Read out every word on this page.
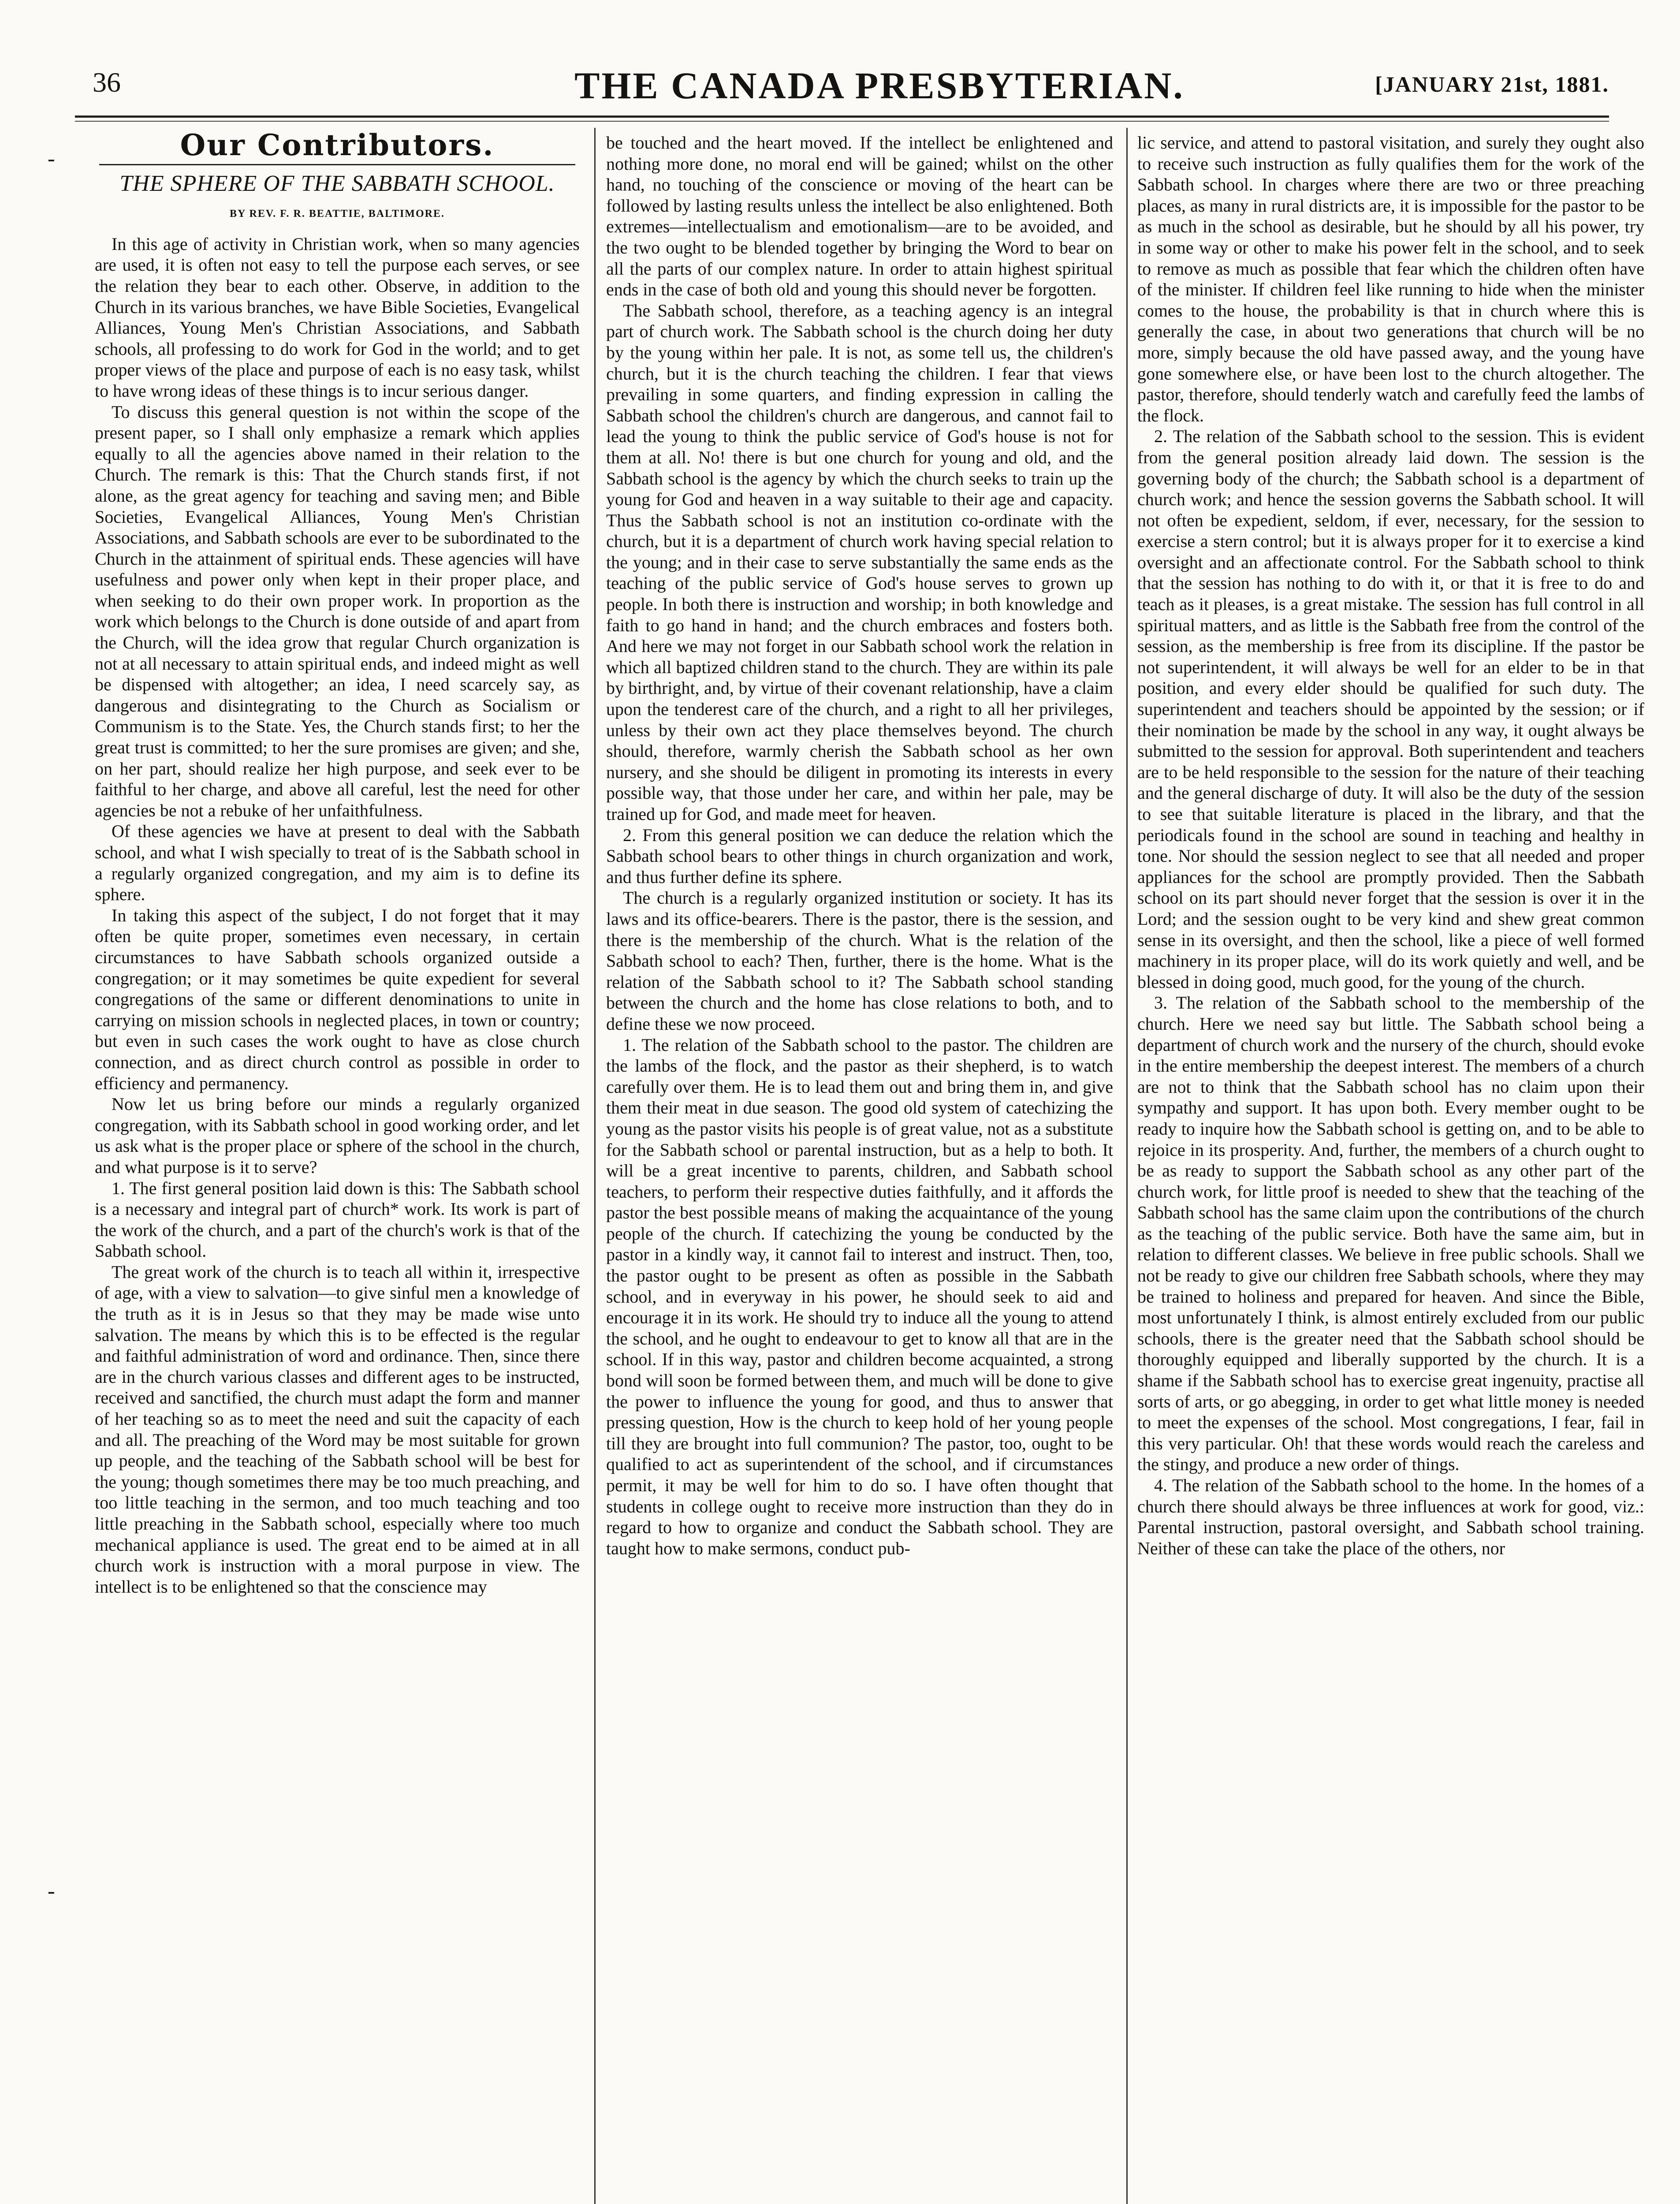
36	THE CANADA PRESBYTERIAN.	[JANUARY 21st, 1881.
-
-
Our Contributors.
THE SPHERE OF THE SABBATH SCHOOL.
BY REV. F. R. BEATTIE, BALTIMORE.

In this age of activity in Christian work, when so many agencies are used, it is often not easy to tell the purpose each serves, or see the relation they bear to each other. Observe, in addition to the Church in its various branches, we have Bible Societies, Evangelical Alliances, Young Men's Christian Associations, and Sabbath schools, all professing to do work for God in the world; and to get proper views of the place and purpose of each is no easy task, whilst to have wrong ideas of these things is to incur serious danger.

To discuss this general question is not within the scope of the present paper, so I shall only emphasize a remark which applies equally to all the agencies above named in their relation to the Church. The remark is this: That the Church stands first, if not alone, as the great agency for teaching and saving men; and Bible Societies, Evangelical Alliances, Young Men's Christian Associations, and Sabbath schools are ever to be subordinated to the Church in the attainment of spiritual ends. These agencies will have usefulness and power only when kept in their proper place, and when seeking to do their own proper work. In proportion as the work which belongs to the Church is done outside of and apart from the Church, will the idea grow that regular Church organization is not at all necessary to attain spiritual ends, and indeed might as well be dispensed with altogether; an idea, I need scarcely say, as dangerous and disintegrating to the Church as Socialism or Communism is to the State. Yes, the Church stands first; to her the great trust is committed; to her the sure promises are given; and she, on her part, should realize her high purpose, and seek ever to be faithful to her charge, and above all careful, lest the need for other agencies be not a rebuke of her unfaithfulness.

Of these agencies we have at present to deal with the Sabbath school, and what I wish specially to treat of is the Sabbath school in a regularly organized congregation, and my aim is to define its sphere.

In taking this aspect of the subject, I do not forget that it may often be quite proper, sometimes even necessary, in certain circumstances to have Sabbath schools organized outside a congregation; or it may sometimes be quite expedient for several congregations of the same or different denominations to unite in carrying on mission schools in neglected places, in town or country; but even in such cases the work ought to have as close church connection, and as direct church control as possible in order to efficiency and permanency.

Now let us bring before our minds a regularly organized congregation, with its Sabbath school in good working order, and let us ask what is the proper place or sphere of the school in the church, and what purpose is it to serve?

1. The first general position laid down is this: The Sabbath school is a necessary and integral part of church* work. Its work is part of the work of the church, and a part of the church's work is that of the Sabbath school.

The great work of the church is to teach all within it, irrespective of age, with a view to salvation—to give sinful men a knowledge of the truth as it is in Jesus so that they may be made wise unto salvation. The means by which this is to be effected is the regular and faithful administration of word and ordinance. Then, since there are in the church various classes and different ages to be instructed, received and sanctified, the church must adapt the form and manner of her teaching so as to meet the need and suit the capacity of each and all. The preaching of the Word may be most suitable for grown up people, and the teaching of the Sabbath school will be best for the young; though sometimes there may be too much preaching, and too little teaching in the sermon, and too much teaching and too little preaching in the Sabbath school, especially where too much mechanical appliance is used. The great end to be aimed at in all church work is instruction with a moral purpose in view. The intellect is to be enlightened so that the conscience may

be touched and the heart moved. If the intellect be enlightened and nothing more done, no moral end will be gained; whilst on the other hand, no touching of the conscience or moving of the heart can be followed by lasting results unless the intellect be also enlightened. Both extremes—intellectualism and emotionalism—are to be avoided, and the two ought to be blended together by bringing the Word to bear on all the parts of our complex nature. In order to attain highest spiritual ends in the case of both old and young this should never be forgotten.

The Sabbath school, therefore, as a teaching agency is an integral part of church work. The Sabbath school is the church doing her duty by the young within her pale. It is not, as some tell us, the children's church, but it is the church teaching the children. I fear that views prevailing in some quarters, and finding expression in calling the Sabbath school the children's church are dangerous, and cannot fail to lead the young to think the public service of God's house is not for them at all. No! there is but one church for young and old, and the Sabbath school is the agency by which the church seeks to train up the young for God and heaven in a way suitable to their age and capacity. Thus the Sabbath school is not an institution co-ordinate with the church, but it is a department of church work having special relation to the young; and in their case to serve substantially the same ends as the teaching of the public service of God's house serves to grown up people. In both there is instruction and worship; in both knowledge and faith to go hand in hand; and the church embraces and fosters both. And here we may not forget in our Sabbath school work the relation in which all baptized children stand to the church. They are within its pale by birthright, and, by virtue of their covenant relationship, have a claim upon the tenderest care of the church, and a right to all her privileges, unless by their own act they place themselves beyond. The church should, therefore, warmly cherish the Sabbath school as her own nursery, and she should be diligent in promoting its interests in every possible way, that those under her care, and within her pale, may be trained up for God, and made meet for heaven.

2. From this general position we can deduce the relation which the Sabbath school bears to other things in church organization and work, and thus further define its sphere.

The church is a regularly organized institution or society. It has its laws and its office-bearers. There is the pastor, there is the session, and there is the membership of the church. What is the relation of the Sabbath school to each? Then, further, there is the home. What is the relation of the Sabbath school to it? The Sabbath school standing between the church and the home has close relations to both, and to define these we now proceed.

1. The relation of the Sabbath school to the pastor. The children are the lambs of the flock, and the pastor as their shepherd, is to watch carefully over them. He is to lead them out and bring them in, and give them their meat in due season. The good old system of catechizing the young as the pastor visits his people is of great value, not as a substitute for the Sabbath school or parental instruction, but as a help to both. It will be a great incentive to parents, children, and Sabbath school teachers, to perform their respective duties faithfully, and it affords the pastor the best possible means of making the acquaintance of the young people of the church. If catechizing the young be conducted by the pastor in a kindly way, it cannot fail to interest and instruct. Then, too, the pastor ought to be present as often as possible in the Sabbath school, and in everyway in his power, he should seek to aid and encourage it in its work. He should try to induce all the young to attend the school, and he ought to endeavour to get to know all that are in the school. If in this way, pastor and children become acquainted, a strong bond will soon be formed between them, and much will be done to give the power to influence the young for good, and thus to answer that pressing question, How is the church to keep hold of her young people till they are brought into full communion? The pastor, too, ought to be qualified to act as superintendent of the school, and if circumstances permit, it may be well for him to do so. I have often thought that students in college ought to receive more instruction than they do in regard to how to organize and conduct the Sabbath school. They are taught how to make sermons, conduct pub-

lic service, and attend to pastoral visitation, and surely they ought also to receive such instruction as fully qualifies them for the work of the Sabbath school. In charges where there are two or three preaching places, as many in rural districts are, it is impossible for the pastor to be as much in the school as desirable, but he should by all his power, try in some way or other to make his power felt in the school, and to seek to remove as much as possible that fear which the children often have of the minister. If children feel like running to hide when the minister comes to the house, the probability is that in church where this is generally the case, in about two generations that church will be no more, simply because the old have passed away, and the young have gone somewhere else, or have been lost to the church altogether. The pastor, therefore, should tenderly watch and carefully feed the lambs of the flock.

2. The relation of the Sabbath school to the session. This is evident from the general position already laid down. The session is the governing body of the church; the Sabbath school is a department of church work; and hence the session governs the Sabbath school. It will not often be expedient, seldom, if ever, necessary, for the session to exercise a stern control; but it is always proper for it to exercise a kind oversight and an affectionate control. For the Sabbath school to think that the session has nothing to do with it, or that it is free to do and teach as it pleases, is a great mistake. The session has full control in all spiritual matters, and as little is the Sabbath free from the control of the session, as the membership is free from its discipline. If the pastor be not superintendent, it will always be well for an elder to be in that position, and every elder should be qualified for such duty. The superintendent and teachers should be appointed by the session; or if their nomination be made by the school in any way, it ought always be submitted to the session for approval. Both superintendent and teachers are to be held responsible to the session for the nature of their teaching and the general discharge of duty. It will also be the duty of the session to see that suitable literature is placed in the library, and that the periodicals found in the school are sound in teaching and healthy in tone. Nor should the session neglect to see that all needed and proper appliances for the school are promptly provided. Then the Sabbath school on its part should never forget that the session is over it in the Lord; and the session ought to be very kind and shew great common sense in its oversight, and then the school, like a piece of well formed machinery in its proper place, will do its work quietly and well, and be blessed in doing good, much good, for the young of the church.

3. The relation of the Sabbath school to the membership of the church. Here we need say but little. The Sabbath school being a department of church work and the nursery of the church, should evoke in the entire membership the deepest interest. The members of a church are not to think that the Sabbath school has no claim upon their sympathy and support. It has upon both. Every member ought to be ready to inquire how the Sabbath school is getting on, and to be able to rejoice in its prosperity. And, further, the members of a church ought to be as ready to support the Sabbath school as any other part of the church work, for little proof is needed to shew that the teaching of the Sabbath school has the same claim upon the contributions of the church as the teaching of the public service. Both have the same aim, but in relation to different classes. We believe in free public schools. Shall we not be ready to give our children free Sabbath schools, where they may be trained to holiness and prepared for heaven. And since the Bible, most unfortunately I think, is almost entirely excluded from our public schools, there is the greater need that the Sabbath school should be thoroughly equipped and liberally supported by the church. It is a shame if the Sabbath school has to exercise great ingenuity, practise all sorts of arts, or go abegging, in order to get what little money is needed to meet the expenses of the school. Most congregations, I fear, fail in this very particular. Oh! that these words would reach the careless and the stingy, and produce a new order of things.

4. The relation of the Sabbath school to the home. In the homes of a church there should always be three influences at work for good, viz.: Parental instruction, pastoral oversight, and Sabbath school training. Neither of these can take the place of the others, nor
